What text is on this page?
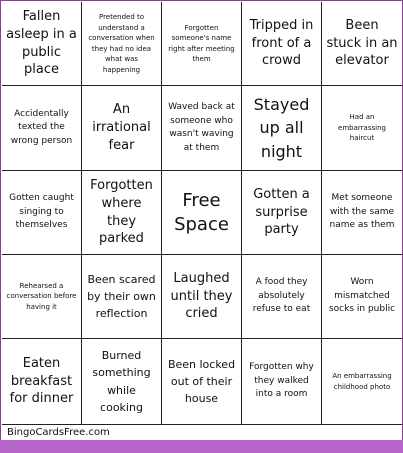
Fallen asleep in a public place
Pretended to understand a conversation when they had no idea what was happening
Forgotten someone's name right after meeting them
Tripped in front of a crowd
Been stuck in an elevator
Accidentally texted the wrong person
An irrational fear
Waved back at someone who wasn't waving at them
Stayed up all night
Had an embarrassing haircut
Gotten caught singing to themselves
Forgotten where they parked
Free Space
Gotten a surprise party
Met someone with the same name as them
Rehearsed a conversation before having it
Been scared by their own reflection
Laughed until they cried
A food they absolutely refuse to eat
Worn mismatched socks in public
Eaten breakfast for dinner
Burned something while cooking
Been locked out of their house
Forgotten why they walked into a room
An embarrassing childhood photo
BingoCardsFree.com
